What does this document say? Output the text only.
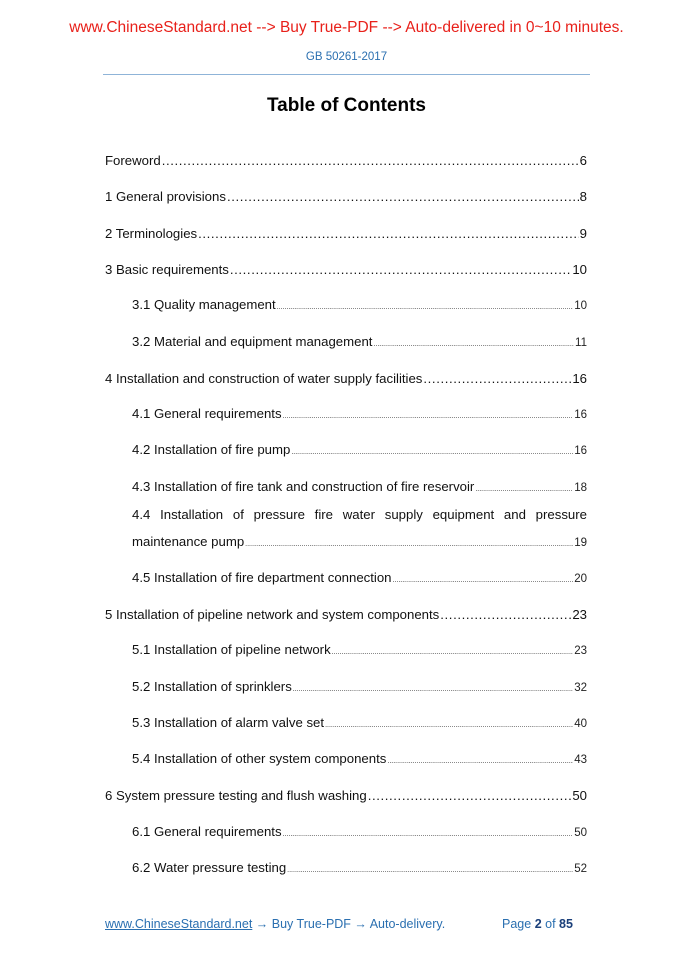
www.ChineseStandard.net --> Buy True-PDF --> Auto-delivered in 0~10 minutes.
GB 50261-2017
Table of Contents
Foreword .....	6
1 General provisions .....	8
2 Terminologies .....	9
3 Basic requirements .....	10
3.1 Quality management .....	10
3.2 Material and equipment management .....	11
4 Installation and construction of water supply facilities .....	16
4.1 General requirements .....	16
4.2 Installation of fire pump .....	16
4.3 Installation of fire tank and construction of fire reservoir .....	18
4.4 Installation of pressure fire water supply equipment and pressure
maintenance pump .....	19
4.5 Installation of fire department connection .....	20
5 Installation of pipeline network and system components .....	23
5.1 Installation of pipeline network .....	23
5.2 Installation of sprinklers .....	32
5.3 Installation of alarm valve set .....	40
5.4 Installation of other system components .....	43
6 System pressure testing and flush washing .....	50
6.1 General requirements .....	50
6.2 Water pressure testing .....	52
www.ChineseStandard.net → Buy True-PDF → Auto-delivery.	Page 2 of 85
